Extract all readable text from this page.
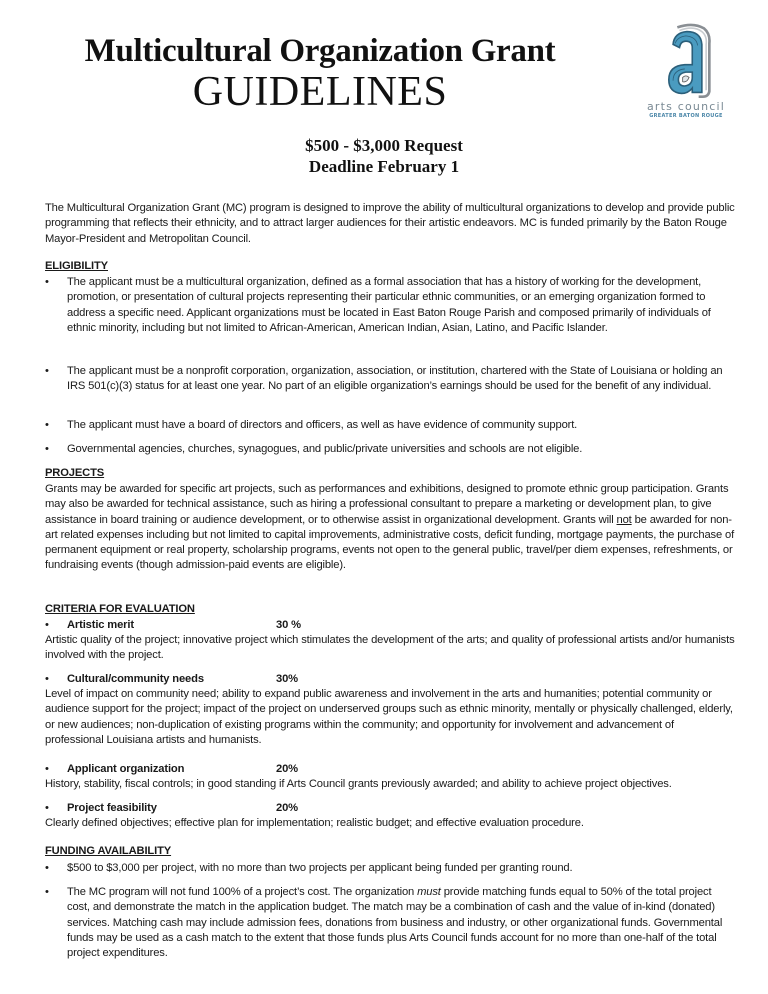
Multicultural Organization Grant
GUIDELINES	arts council
GREATER BATON ROUGE
$500 - $3,000 Request
Deadline February 1
The Multicultural Organization Grant (MC) program is designed to improve the ability of multicultural organizations to develop and provide public programming that reflects their ethnicity, and to attract larger audiences for their artistic endeavors. MC is funded primarily by the Baton Rouge Mayor-President and Metropolitan Council.
ELIGIBILITY
•	The applicant must be a multicultural organization, defined as a formal association that has a history of working for the development, promotion, or presentation of cultural projects representing their particular ethnic communities, or an emerging organization formed to address a specific need. Applicant organizations must be located in East Baton Rouge Parish and composed primarily of individuals of ethnic minority, including but not limited to African-American, American Indian, Asian, Latino, and Pacific Islander.
•	The applicant must be a nonprofit corporation, organization, association, or institution, chartered with the State of Louisiana or holding an IRS 501(c)(3) status for at least one year. No part of an eligible organization’s earnings should be used for the benefit of any individual.
•	The applicant must have a board of directors and officers, as well as have evidence of community support.
•	Governmental agencies, churches, synagogues, and public/private universities and schools are not eligible.
PROJECTS
Grants may be awarded for specific art projects, such as performances and exhibitions, designed to promote ethnic group participation. Grants may also be awarded for technical assistance, such as hiring a professional consultant to prepare a marketing or development plan, to give assistance in board training or audience development, or to otherwise assist in organizational development. Grants will not be awarded for non-art related expenses including but not limited to capital improvements, administrative costs, deficit funding, mortgage payments, the purchase of permanent equipment or real property, scholarship programs, events not open to the general public, travel/per diem expenses, refreshments, or fundraising events (though admission-paid events are eligible).
CRITERIA FOR EVALUATION
• Artistic merit	30 %
Artistic quality of the project; innovative project which stimulates the development of the arts; and quality of professional artists and/or humanists involved with the project.
• Cultural/community needs	30%
Level of impact on community need; ability to expand public awareness and involvement in the arts and humanities; potential community or audience support for the project; impact of the project on underserved groups such as ethnic minority, mentally or physically challenged, elderly, or new audiences; non-duplication of existing programs within the community; and opportunity for involvement and advancement of professional Louisiana artists and humanists.
• Applicant organization	20%
History, stability, fiscal controls; in good standing if Arts Council grants previously awarded; and ability to achieve project objectives.
• Project feasibility	20%
Clearly defined objectives; effective plan for implementation; realistic budget; and effective evaluation procedure.
FUNDING AVAILABILITY
•	$500 to $3,000 per project, with no more than two projects per applicant being funded per granting round.
•	The MC program will not fund 100% of a project’s cost. The organization must provide matching funds equal to 50% of the total project cost, and demonstrate the match in the application budget. The match may be a combination of cash and the value of in-kind (donated) services. Matching cash may include admission fees, donations from business and industry, or other organizational funds. Governmental funds may be used as a cash match to the extent that those funds plus Arts Council funds account for no more than one-half of the total project expenditures.
